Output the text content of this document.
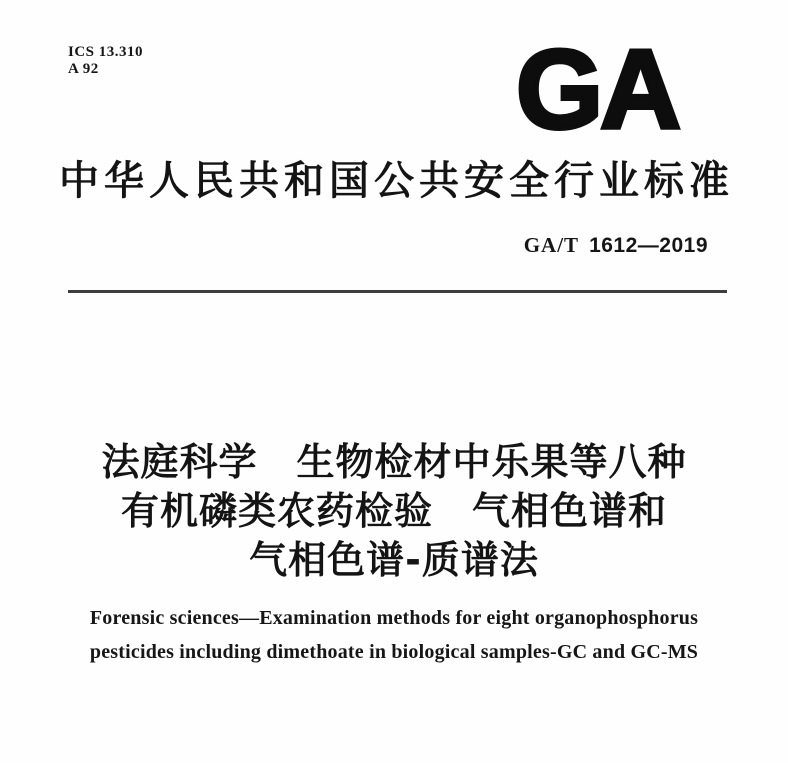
ICS 13.310
A 92	GA
中华人民共和国公共安全行业标准
GA/T 1612—2019
法庭科学　生物检材中乐果等八种
有机磷类农药检验　气相色谱和
气相色谱-质谱法
Forensic sciences—Examination methods for eight organophosphorus
pesticides including dimethoate in biological samples-GC and GC-MS
